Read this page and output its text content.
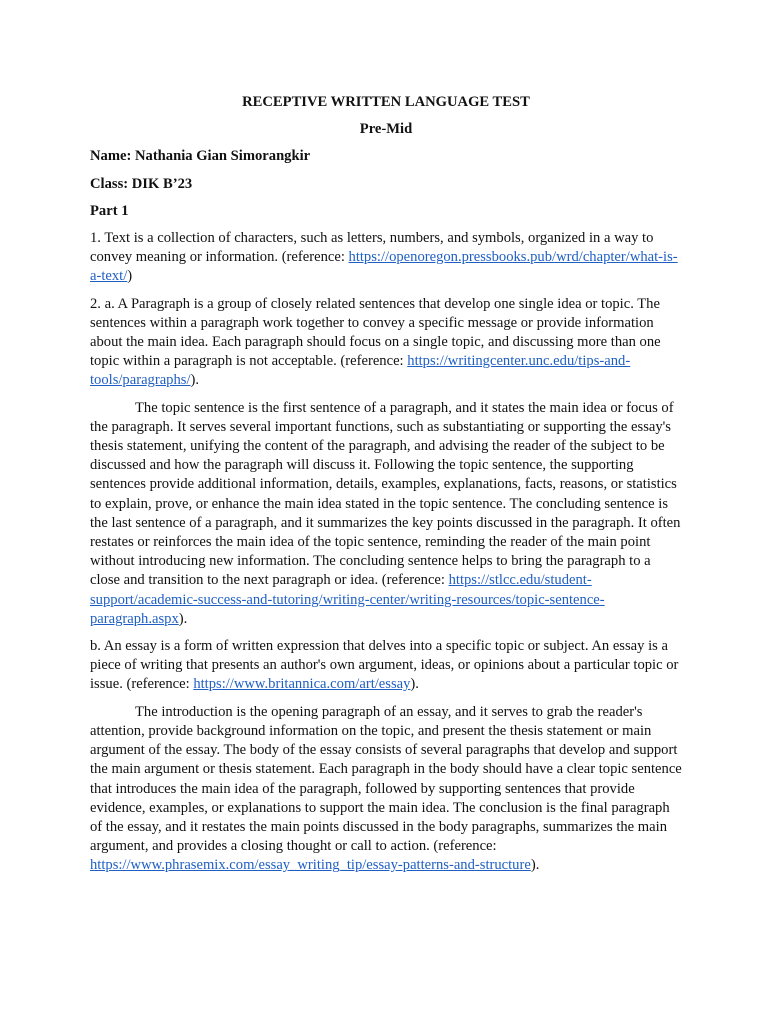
RECEPTIVE WRITTEN LANGUAGE TEST

Pre-Mid

Name: Nathania Gian Simorangkir

Class: DIK B’23

Part 1

1. Text is a collection of characters, such as letters, numbers, and symbols, organized in a way to convey meaning or information. (reference: https://openoregon.pressbooks.pub/wrd/chapter/what-is-a-text/)

2. a. A Paragraph is a group of closely related sentences that develop one single idea or topic. The sentences within a paragraph work together to convey a specific message or provide information about the main idea. Each paragraph should focus on a single topic, and discussing more than one topic within a paragraph is not acceptable. (reference: https://writingcenter.unc.edu/tips-and-tools/paragraphs/).

The topic sentence is the first sentence of a paragraph, and it states the main idea or focus of the paragraph. It serves several important functions, such as substantiating or supporting the essay's thesis statement, unifying the content of the paragraph, and advising the reader of the subject to be discussed and how the paragraph will discuss it. Following the topic sentence, the supporting sentences provide additional information, details, examples, explanations, facts, reasons, or statistics to explain, prove, or enhance the main idea stated in the topic sentence. The concluding sentence is the last sentence of a paragraph, and it summarizes the key points discussed in the paragraph. It often restates or reinforces the main idea of the topic sentence, reminding the reader of the main point without introducing new information. The concluding sentence helps to bring the paragraph to a close and transition to the next paragraph or idea. (reference: https://stlcc.edu/student-support/academic-success-and-tutoring/writing-center/writing-resources/topic-sentence-paragraph.aspx).

b. An essay is a form of written expression that delves into a specific topic or subject. An essay is a piece of writing that presents an author's own argument, ideas, or opinions about a particular topic or issue. (reference: https://www.britannica.com/art/essay).

The introduction is the opening paragraph of an essay, and it serves to grab the reader's attention, provide background information on the topic, and present the thesis statement or main argument of the essay. The body of the essay consists of several paragraphs that develop and support the main argument or thesis statement. Each paragraph in the body should have a clear topic sentence that introduces the main idea of the paragraph, followed by supporting sentences that provide evidence, examples, or explanations to support the main idea. The conclusion is the final paragraph of the essay, and it restates the main points discussed in the body paragraphs, summarizes the main argument, and provides a closing thought or call to action. (reference: https://www.phrasemix.com/essay_writing_tip/essay-patterns-and-structure).
